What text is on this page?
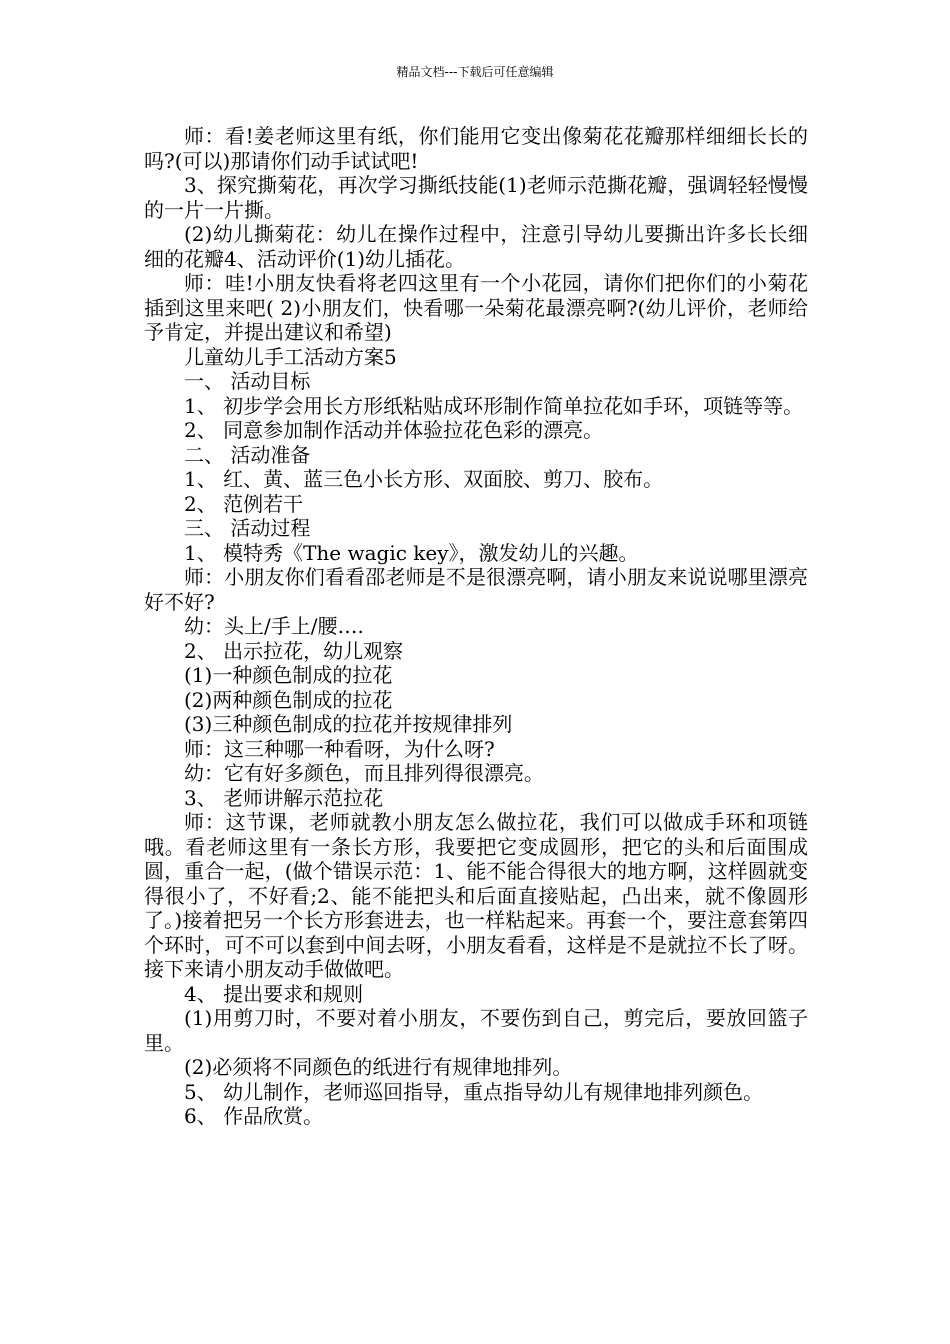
精品文档---下载后可任意编辑

师：看!姜老师这里有纸，你们能用它变出像菊花花瓣那样细细长长的吗?(可以)那请你们动手试试吧!

3、探究撕菊花，再次学习撕纸技能(1)老师示范撕花瓣，强调轻轻慢慢的一片一片撕。

(2)幼儿撕菊花：幼儿在操作过程中，注意引导幼儿要撕出许多长长细细的花瓣4、活动评价(1)幼儿插花。

师：哇!小朋友快看将老四这里有一个小花园，请你们把你们的小菊花插到这里来吧( 2)小朋友们，快看哪一朵菊花最漂亮啊?(幼儿评价，老师给予肯定，并提出建议和希望)

儿童幼儿手工活动方案5

一、 活动目标

1、 初步学会用长方形纸粘贴成环形制作简单拉花如手环，项链等等。

2、 同意参加制作活动并体验拉花色彩的漂亮。

二、 活动准备

1、 红、黄、蓝三色小长方形、双面胶、剪刀、胶布。

2、 范例若干

三、 活动过程

1、 模特秀《The wagic key》，激发幼儿的兴趣。

师：小朋友你们看看邵老师是不是很漂亮啊，请小朋友来说说哪里漂亮好不好?

幼：头上/手上/腰….

2、 出示拉花，幼儿观察

(1)一种颜色制成的拉花

(2)两种颜色制成的拉花

(3)三种颜色制成的拉花并按规律排列

师：这三种哪一种看呀，为什么呀?

幼：它有好多颜色，而且排列得很漂亮。

3、 老师讲解示范拉花

师：这节课，老师就教小朋友怎么做拉花，我们可以做成手环和项链哦。看老师这里有一条长方形，我要把它变成圆形，把它的头和后面围成圆，重合一起，(做个错误示范：1、能不能合得很大的地方啊，这样圆就变得很小了，不好看;2、能不能把头和后面直接贴起，凸出来，就不像圆形了。)接着把另一个长方形套进去，也一样粘起来。再套一个，要注意套第四个环时，可不可以套到中间去呀，小朋友看看，这样是不是就拉不长了呀。接下来请小朋友动手做做吧。

4、 提出要求和规则

(1)用剪刀时，不要对着小朋友，不要伤到自己，剪完后，要放回篮子里。

(2)必须将不同颜色的纸进行有规律地排列。

5、 幼儿制作，老师巡回指导，重点指导幼儿有规律地排列颜色。

6、 作品欣赏。
